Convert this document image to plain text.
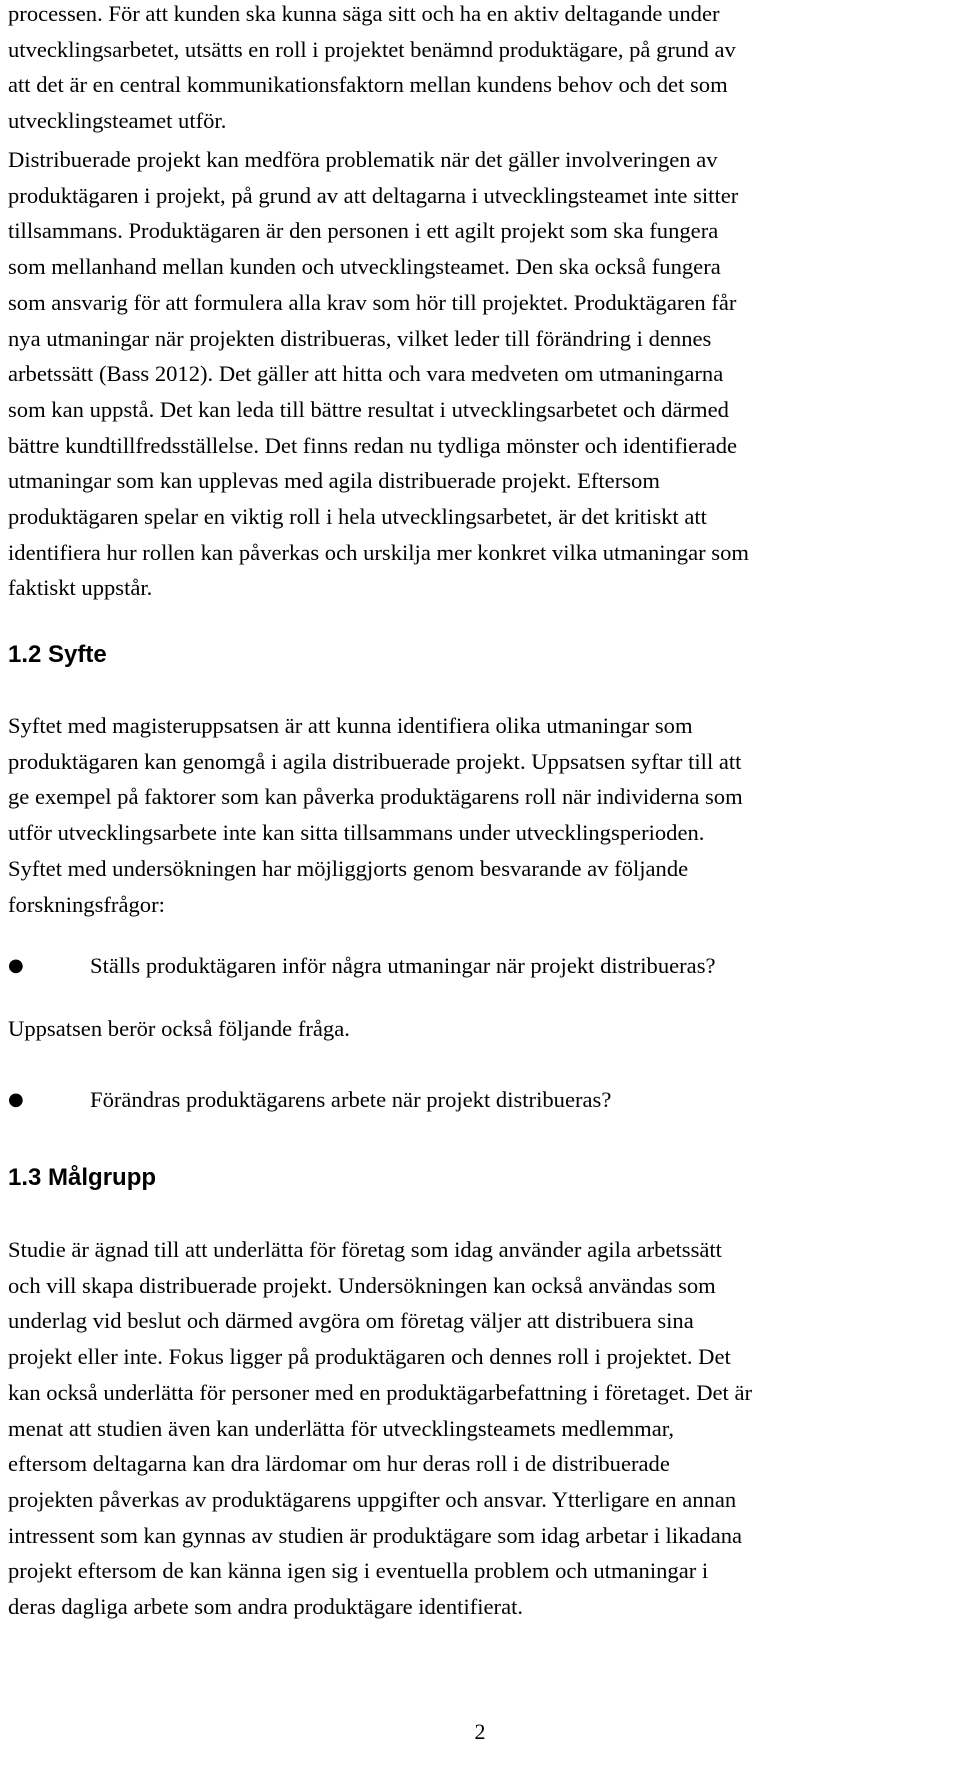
processen. För att kunden ska kunna säga sitt och ha en aktiv deltagande under
utvecklingsarbetet, utsätts en roll i projektet benämnd produktägare, på grund av
att det är en central kommunikationsfaktorn mellan kundens behov och det som
utvecklingsteamet utför.
Distribuerade projekt kan medföra problematik när det gäller involveringen av
produktägaren i projekt, på grund av att deltagarna i utvecklingsteamet inte sitter
tillsammans. Produktägaren är den personen i ett agilt projekt som ska fungera
som mellanhand mellan kunden och utvecklingsteamet. Den ska också fungera
som ansvarig för att formulera alla krav som hör till projektet. Produktägaren får
nya utmaningar när projekten distribueras, vilket leder till förändring i dennes
arbetssätt (Bass 2012). Det gäller att hitta och vara medveten om utmaningarna
som kan uppstå. Det kan leda till bättre resultat i utvecklingsarbetet och därmed
bättre kundtillfredsställelse. Det finns redan nu tydliga mönster och identifierade
utmaningar som kan upplevas med agila distribuerade projekt. Eftersom
produktägaren spelar en viktig roll i hela utvecklingsarbetet, är det kritiskt att
identifiera hur rollen kan påverkas och urskilja mer konkret vilka utmaningar som
faktiskt uppstår.
1.2 Syfte
Syftet med magisteruppsatsen är att kunna identifiera olika utmaningar som
produktägaren kan genomgå i agila distribuerade projekt. Uppsatsen syftar till att
ge exempel på faktorer som kan påverka produktägarens roll när individerna som
utför utvecklingsarbete inte kan sitta tillsammans under utvecklingsperioden.
Syftet med undersökningen har möjliggjorts genom besvarande av följande
forskningsfrågor:
●	Ställs produktägaren inför några utmaningar när projekt distribueras?
Uppsatsen berör också följande fråga.
●	Förändras produktägarens arbete när projekt distribueras?
1.3 Målgrupp
Studie är ägnad till att underlätta för företag som idag använder agila arbetssätt
och vill skapa distribuerade projekt. Undersökningen kan också användas som
underlag vid beslut och därmed avgöra om företag väljer att distribuera sina
projekt eller inte. Fokus ligger på produktägaren och dennes roll i projektet. Det
kan också underlätta för personer med en produktägarbefattning i företaget. Det är
menat att studien även kan underlätta för utvecklingsteamets medlemmar,
eftersom deltagarna kan dra lärdomar om hur deras roll i de distribuerade
projekten påverkas av produktägarens uppgifter och ansvar. Ytterligare en annan
intressent som kan gynnas av studien är produktägare som idag arbetar i likadana
projekt eftersom de kan känna igen sig i eventuella problem och utmaningar i
deras dagliga arbete som andra produktägare identifierat.
2
